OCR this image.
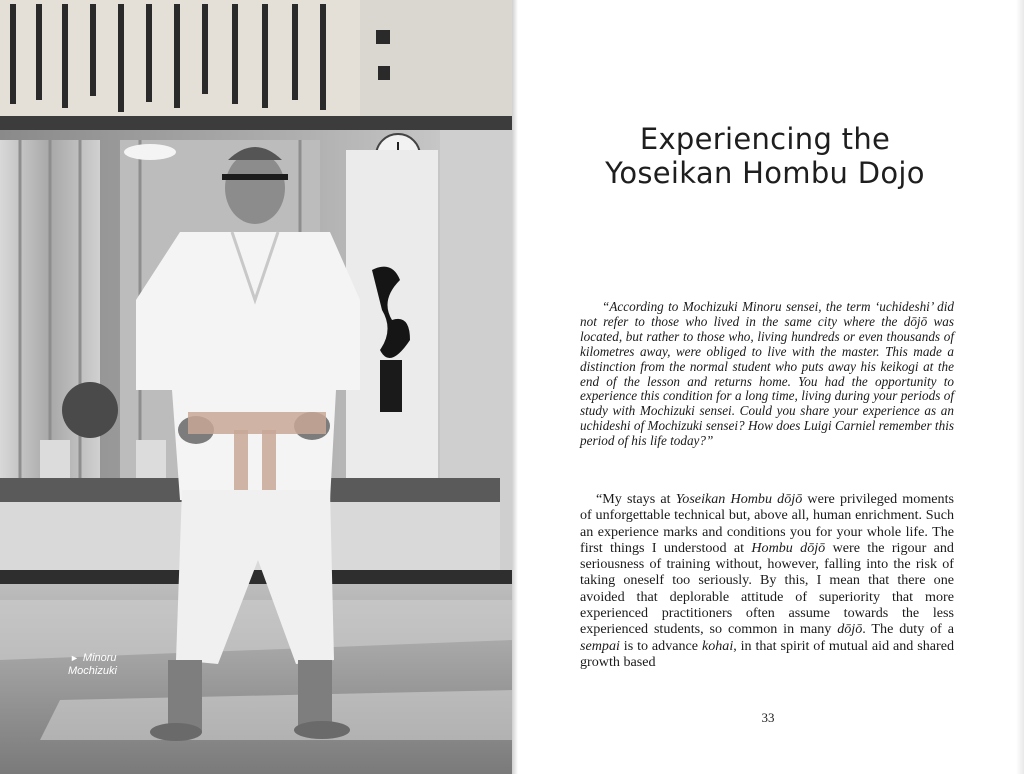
► Minoru
Mochizuki
Experiencing the
Yoseikan Hombu Dojo

“According to Mochizuki Minoru sensei, the term ‘uchideshi’ did not refer to those who lived in the same city where the dōjō was located, but rather to those who, living hundreds or even thousands of kilometres away, were obliged to live with the master. This made a distinction from the normal student who puts away his keikogi at the end of the lesson and returns home. You had the opportunity to experience this condition for a long time, living during your periods of study with Mochizuki sensei. Could you share your experience as an uchideshi of Mochizuki sensei? How does Luigi Carniel remember this period of his life today?”

“My stays at Yoseikan Hombu dōjō were privileged moments of unforgettable technical but, above all, human enrichment. Such an experience marks and conditions you for your whole life. The first things I understood at Hombu dōjō were the rigour and seriousness of training without, however, falling into the risk of taking oneself too seriously. By this, I mean that there one avoided that deplorable attitude of superiority that more experienced practitioners often assume towards the less experienced students, so common in many dōjō. The duty of a sempai is to advance kohai, in that spirit of mutual aid and shared growth based

33
